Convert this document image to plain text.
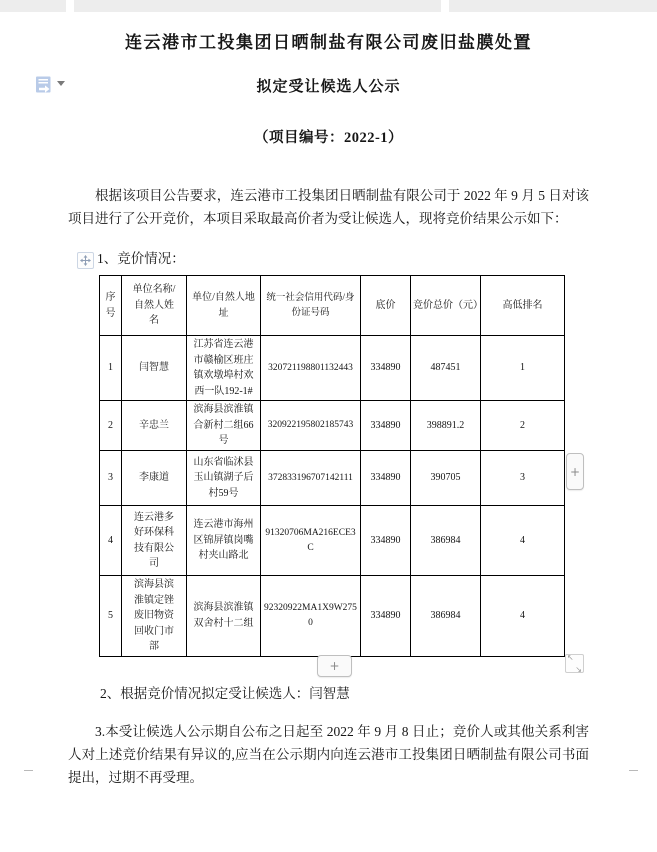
连云港市工投集团日晒制盐有限公司废旧盐膜处置
拟定受让候选人公示
（项目编号：2022-1）

根据该项目公告要求，连云港市工投集团日晒制盐有限公司于 2022 年 9 月 5 日对该项目进行了公开竞价，本项目采取最高价者为受让候选人，现将竞价结果公示如下：

1、竞价情况：
序号	单位名称/自然人姓名	单位/自然人地址	统一社会信用代码/身份证号码	底价	竞价总价（元）	高低排名
1	闫智慧	江苏省连云港市赣榆区班庄镇欢墩埠村欢西一队192-1#	320721198801132443	334890	487451	1
2	辛忠兰	滨海县滨淮镇合新村二组66号	320922195802185743	334890	398891.2	2
3	李康道	山东省临沭县玉山镇湖子后村59号	372833196707142111	334890	390705	3
4	连云港多好环保科技有限公司	连云港市海州区锦屏镇岗嘴村夹山路北	91320706MA216ECE3C	334890	386984	4
5	滨海县滨淮镇定锉废旧物资回收门市部	滨海县滨淮镇双舍村十二组	92320922MA1X9W2750	334890	386984	4
+
+
↖
↘
2、根据竞价情况拟定受让候选人：闫智慧

3.本受让候选人公示期自公布之日起至 2022 年 9 月 8 日止；竞价人或其他关系利害人对上述竞价结果有异议的,应当在公示期内向连云港市工投集团日晒制盐有限公司书面提出，过期不再受理。
